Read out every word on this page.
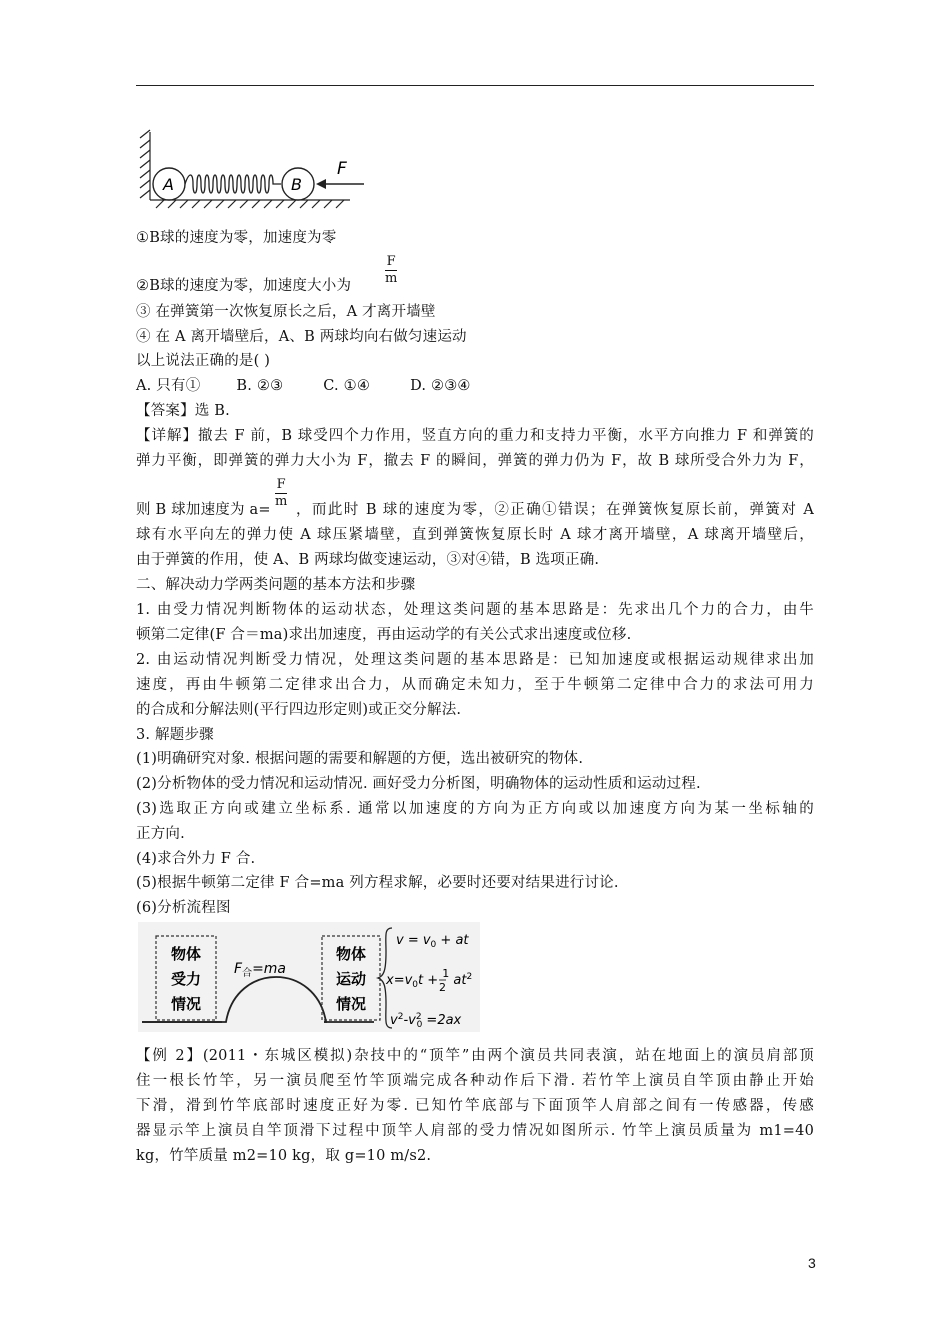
A	B
F
①B球的速度为零，加速度为零
②B球的速度为零，加速度大小为
F
m
③ 在弹簧第一次恢复原长之后，A 才离开墙壁
④ 在 A 离开墙壁后，A、B 两球均向右做匀速运动
以上说法正确的是( )
A. 只有① B. ②③	C. ①④	D. ②③④
【答案】选 B.
【详解】撤去 F 前，B 球受四个力作用，竖直方向的重力和支持力平衡，水平方向推力 F 和弹簧的
弹力平衡，即弹簧的弹力大小为 F，撤去 F 的瞬间，弹簧的弹力仍为 F，故 B 球所受合外力为 F，
则 B 球加速度为 a=
F
m
，而此时 B 球的速度为零，②正确①错误；在弹簧恢复原长前，弹簧对 A
球有水平向左的弹力使 A 球压紧墙壁，直到弹簧恢复原长时 A 球才离开墙壁，A 球离开墙壁后，
由于弹簧的作用，使 A、B 两球均做变速运动，③对④错，B 选项正确.
二、解决动力学两类问题的基本方法和步骤
1. 由受力情况判断物体的运动状态，处理这类问题的基本思路是：先求出几个力的合力，由牛
顿第二定律(F 合＝ma)求出加速度，再由运动学的有关公式求出速度或位移.
2. 由运动情况判断受力情况，处理这类问题的基本思路是：已知加速度或根据运动规律求出加
速度，再由牛顿第二定律求出合力，从而确定未知力，至于牛顿第二定律中合力的求法可用力
的合成和分解法则(平行四边形定则)或正交分解法.
3. 解题步骤
(1)明确研究对象. 根据问题的需要和解题的方便，选出被研究的物体.
(2)分析物体的受力情况和运动情况. 画好受力分析图，明确物体的运动性质和运动过程.
(3)选取正方向或建立坐标系. 通常以加速度的方向为正方向或以加速度方向为某一坐标轴的
正方向.
(4)求合外力 F 合.
(5)根据牛顿第二定律 F 合=ma 列方程求解，必要时还要对结果进行讨论.
(6)分析流程图
物体
受力
情况
$F_合=ma$
物体
运动
情况
$v = v_0$ + at
$x=v_0t + ^1$ $at^2$
2
$v^2-v^2$ 0 =2ax
【例 2】(2011・东城区模拟)杂技中的“顶竿”由两个演员共同表演，站在地面上的演员肩部顶
住一根长竹竿，另一演员爬至竹竿顶端完成各种动作后下滑. 若竹竿上演员自竿顶由静止开始
下滑，滑到竹竿底部时速度正好为零. 已知竹竿底部与下面顶竿人肩部之间有一传感器，传感
器显示竿上演员自竿顶滑下过程中顶竿人肩部的受力情况如图所示. 竹竿上演员质量为 m1=40
kg，竹竿质量 m2=10 kg，取 g=10 m/s2.
3
